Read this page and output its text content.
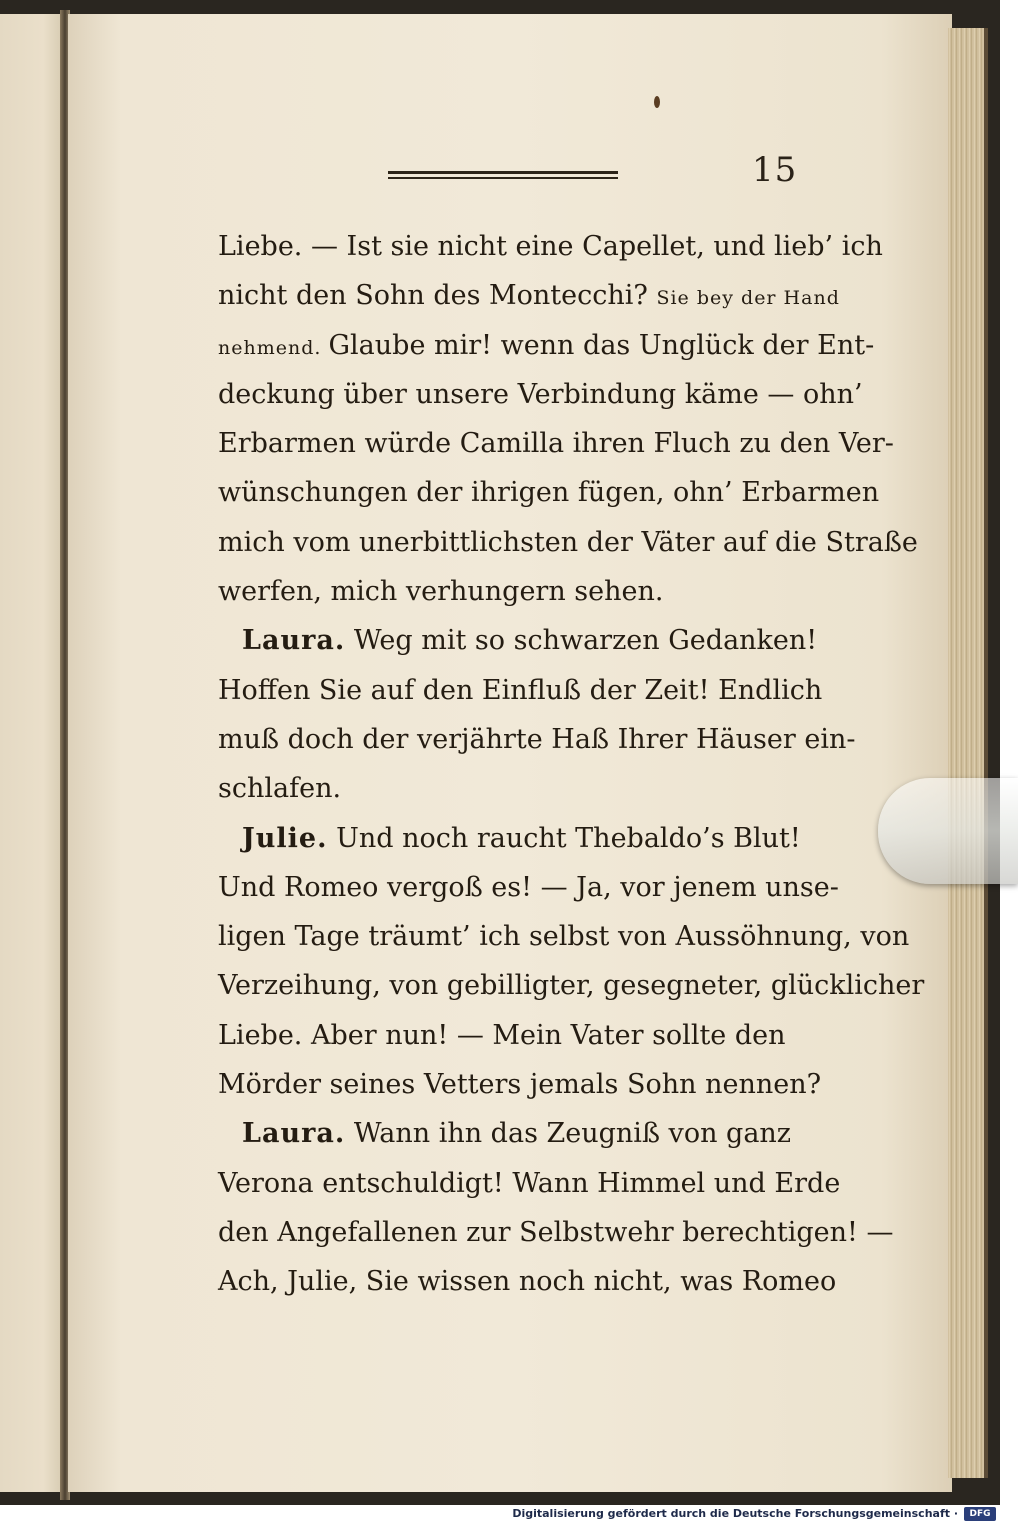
15
Liebe. — Ist sie nicht eine Capellet, und lieb’ ich
nicht den Sohn des Montecchi? Sie bey der Hand
nehmend. Glaube mir! wenn das Unglück der Ent-
deckung über unsere Verbindung käme — ohn’
Erbarmen würde Camilla ihren Fluch zu den Ver-
wünschungen der ihrigen fügen, ohn’ Erbarmen
mich vom unerbittlichsten der Väter auf die Straße
werfen, mich verhungern sehen.
Laura. Weg mit so schwarzen Gedanken!
Hoffen Sie auf den Einfluß der Zeit! Endlich
muß doch der verjährte Haß Ihrer Häuser ein-
schlafen.
Julie. Und noch raucht Thebaldo’s Blut!
Und Romeo vergoß es! — Ja, vor jenem unse-
ligen Tage träumt’ ich selbst von Aussöhnung, von
Verzeihung, von gebilligter, gesegneter, glücklicher
Liebe. Aber nun! — Mein Vater sollte den
Mörder seines Vetters jemals Sohn nennen?
Laura. Wann ihn das Zeugniß von ganz
Verona entschuldigt! Wann Himmel und Erde
den Angefallenen zur Selbstwehr berechtigen! —
Ach, Julie, Sie wissen noch nicht, was Romeo
Digitalisierung gefördert durch die Deutsche Forschungsgemeinschaft ·	DFG
